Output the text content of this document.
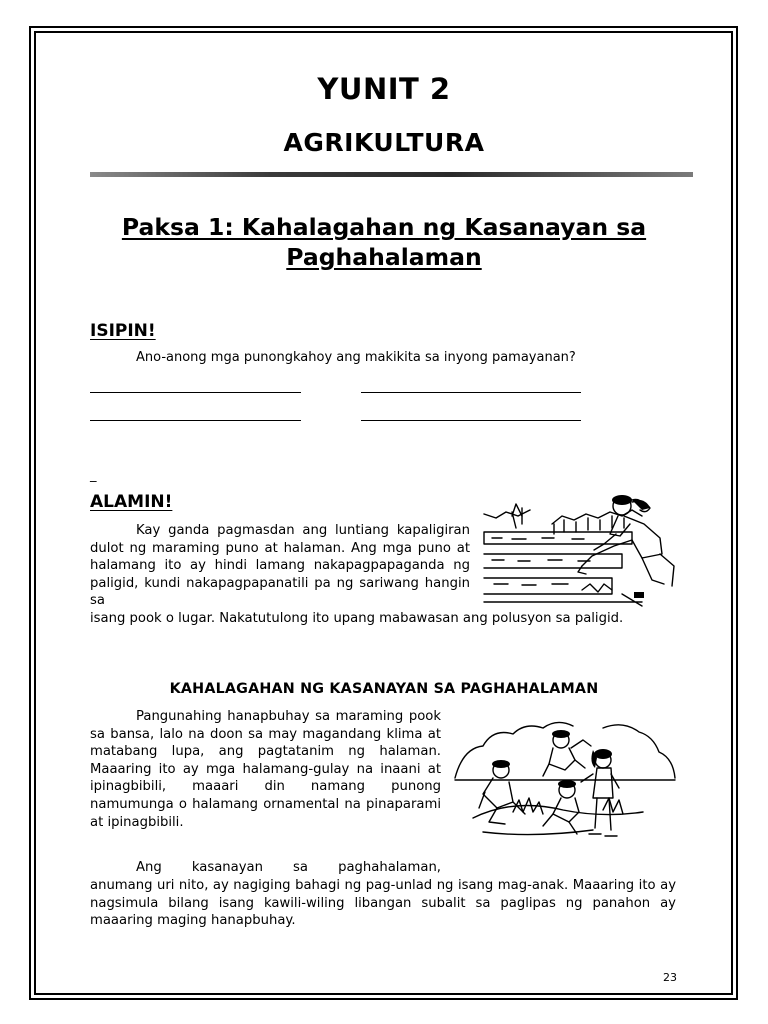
YUNIT 2
AGRIKULTURA
Paksa 1: Kahalagahan ng Kasanayan sa
Paghahalaman
ISIPIN!
Ano-anong mga punongkahoy ang makikita sa inyong pamayanan?
_
ALAMIN!
Kay ganda pagmasdan ang luntiang kapaligiran dulot ng maraming puno at halaman. Ang mga puno at halamang ito ay hindi lamang nakapagpapaganda ng paligid, kundi nakapagpapanatili pa ng sariwang hangin sa
isang pook o lugar. Nakatutulong ito upang mabawasan ang polusyon sa paligid.
KAHALAGAHAN NG KASANAYAN SA PAGHAHALAMAN
Pangunahing hanapbuhay sa maraming pook sa bansa, lalo na doon sa may magandang klima at matabang lupa, ang pagtatanim ng halaman. Maaaring ito ay mga halamang-gulay na inaani at ipinagbibili, maaari din namang punong namumunga o halamang ornamental na pinaparami at ipinagbibili.
Ang kasanayan sa paghahalaman,
anumang uri nito, ay nagiging bahagi ng pag-unlad ng isang mag-anak. Maaaring ito ay nagsimula bilang isang kawili-wiling libangan subalit sa paglipas ng panahon ay maaaring maging hanapbuhay.
23
